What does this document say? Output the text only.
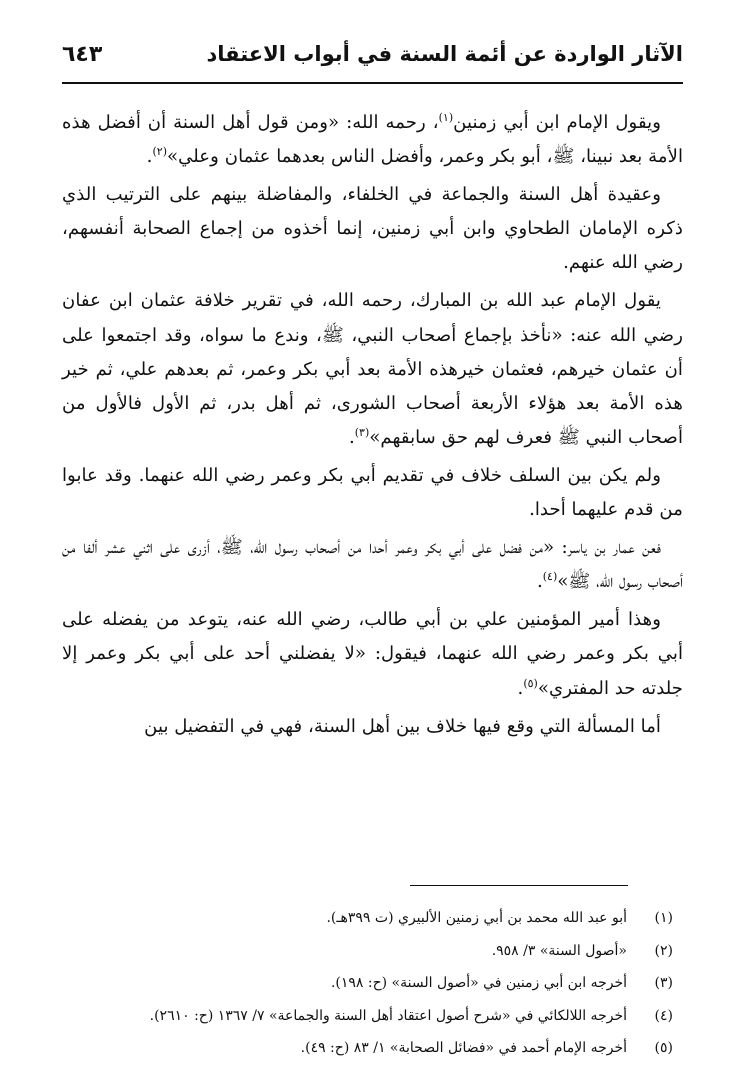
الآثار الواردة عن أئمة السنة في أبواب الاعتقاد
٦٤٣

ويقول الإمام ابن أبي زمنين$^{(١)}$، رحمه الله: «ومن قول أهل السنة أن أفضل هذه الأمة بعد نبينا، ﷺ، أبو بكر وعمر، وأفضل الناس بعدهما عثمان وعلي»$^{(٢)}$.

وعقيدة أهل السنة والجماعة في الخلفاء، والمفاضلة بينهم على الترتيب الذي ذكره الإمامان الطحاوي وابن أبي زمنين، إنما أخذوه من إجماع الصحابة أنفسهم، رضي الله عنهم.

يقول الإمام عبد الله بن المبارك، رحمه الله، في تقرير خلافة عثمان ابن عفان رضي الله عنه: «نأخذ بإجماع أصحاب النبي، ﷺ، وندع ما سواه، وقد اجتمعوا على أن عثمان خيرهم، فعثمان خيرهذه الأمة بعد أبي بكر وعمر، ثم بعدهم علي، ثم خير هذه الأمة بعد هؤلاء الأربعة أصحاب الشورى، ثم أهل بدر، ثم الأول فالأول من أصحاب النبي ﷺ فعرف لهم حق سابقهم»$^{(٣)}$.

ولم يكن بين السلف خلاف في تقديم أبي بكر وعمر رضي الله عنهما. وقد عابوا من قدم عليهما أحدا.

فعن عمار بن ياسر: «من فضل على أبي بكر وعمر أحدا من أصحاب رسول الله، ﷺ، أزرى على اثني عشر ألفا من أصحاب رسول الله، ﷺ»$^{(٤)}$.

وهذا أمير المؤمنين علي بن أبي طالب، رضي الله عنه، يتوعد من يفضله على أبي بكر وعمر رضي الله عنهما، فيقول: «لا يفضلني أحد على أبي بكر وعمر إلا جلدته حد المفتري»$^{(٥)}$.

أما المسألة التي وقع فيها خلاف بين أهل السنة، فهي في التفضيل بين

(١)
أبو عبد الله محمد بن أبي زمنين الألبيري (ت ٣٩٩هـ).
(٢)
«أصول السنة» ٣/ ٩٥٨.
(٣)
أخرجه ابن أبي زمنين في «أصول السنة» (ح: ١٩٨).
(٤)
أخرجه اللالكائي في «شرح أصول اعتقاد أهل السنة والجماعة» ٧/ ١٣٦٧ (ح: ٢٦١٠).
(٥)
أخرجه الإمام أحمد في «فضائل الصحابة» ١/ ٨٣ (ح: ٤٩).
